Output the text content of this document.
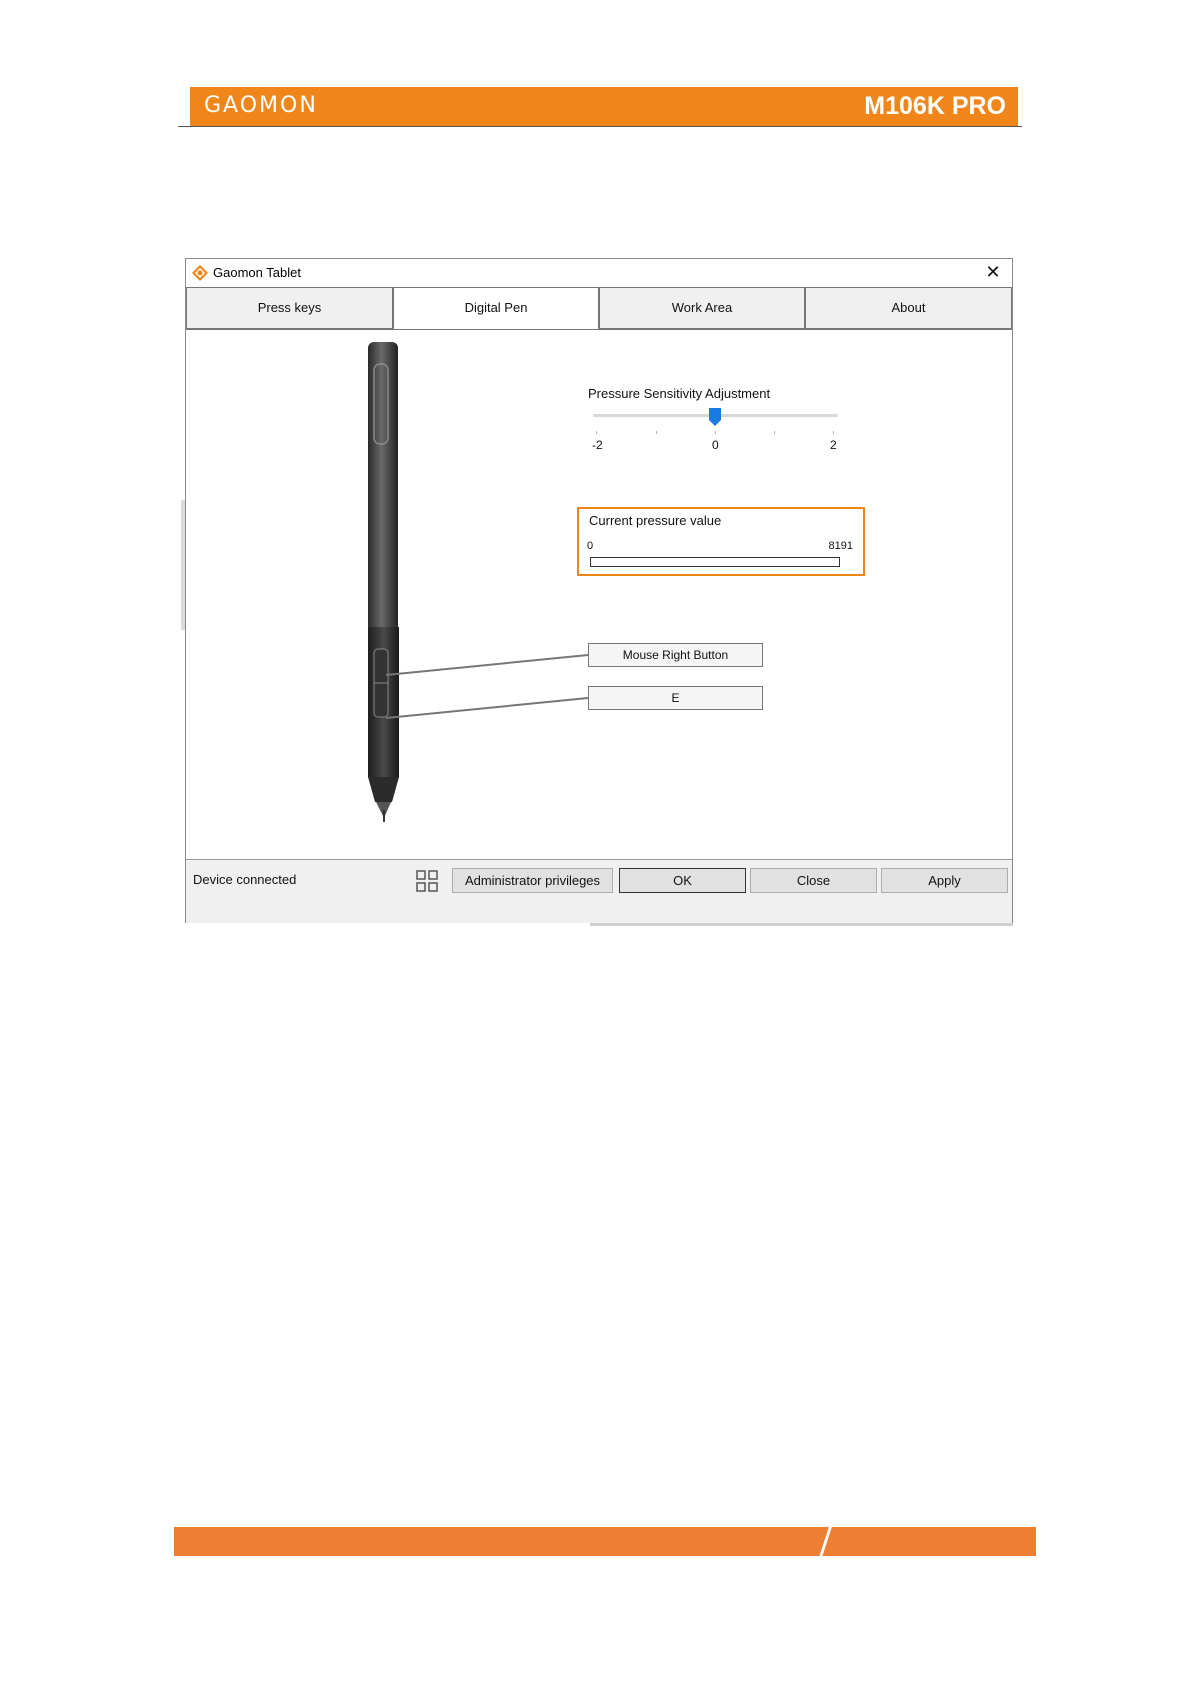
GAOMON	M106K PRO
Gaomon Tablet	✕
Press keys	Digital Pen	Work Area	About
Pressure Sensitivity Adjustment
-2	0	2
Current pressure value
0	8191
Mouse Right Button
E
Device connected	Administrator privileges	OK	Close	Apply
